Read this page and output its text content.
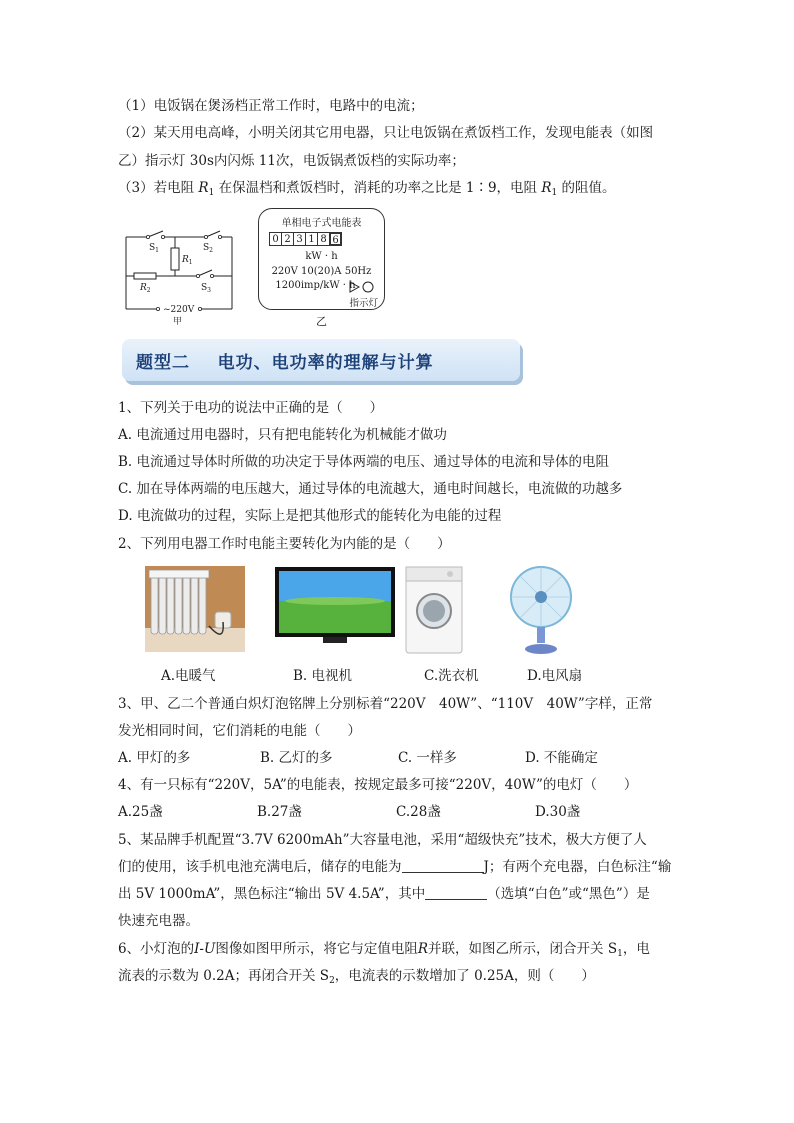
（1）电饭锅在煲汤档正常工作时，电路中的电流；
（2）某天用电高峰，小明关闭其它用电器，只让电饭锅在煮饭档工作，发现电能表（如图
乙）指示灯 30s内闪烁 11次，电饭锅煮饭档的实际功率；
（3）若电阻 $R_1$ 在保温档和煮饭档时，消耗的功率之比是 1∶9，电阻 $R_1$ 的阻值。
$S_1$	$S_2$
$R_1$
$R_2$	$S_3$
~220V
甲
单相电子式电能表
0 2 3 1 8 6
kW · h
220V 10(20)A 50Hz
1200imp/kW · h
指示灯
乙
题型二    电功、电功率的理解与计算
1、下列关于电功的说法中正确的是（　　）
A. 电流通过用电器时，只有把电能转化为机械能才做功
B. 电流通过导体时所做的功决定于导体两端的电压、通过导体的电流和导体的电阻
C. 加在导体两端的电压越大，通过导体的电流越大，通电时间越长，电流做的功越多
D. 电流做功的过程，实际上是把其他形式的能转化为电能的过程
2、下列用电器工作时电能主要转化为内能的是（　　）
A.电暖气	B. 电视机	C.洗衣机	D.电风扇
3、甲、乙二个普通白炽灯泡铭牌上分别标着“220V　40W”、“110V　40W”字样，正常
发光相同时间，它们消耗的电能（　　）
A. 甲灯的多	B. 乙灯的多	C. 一样多	D. 不能确定
4、有一只标有“220V，5A”的电能表，按规定最多可接“220V，40W”的电灯（　　）
A.25盏	B.27盏	C.28盏	D.30盏
5、某品牌手机配置“3.7V 6200mAh”大容量电池，采用“超级快充”技术，极大方便了人
们的使用，该手机电池充满电后，储存的电能为	J；有两个充电器，白色标注“输
出 5V 1000mA”，黑色标注“输出 5V 4.5A”，其中	（选填“白色”或“黑色”）是
快速充电器。
6、小灯泡的I-U图像如图甲所示，将它与定值电阻R并联，如图乙所示，闭合开关 $S_1$，电
流表的示数为 0.2A；再闭合开关 $S_2$，电流表的示数增加了 0.25A，则（　　）
